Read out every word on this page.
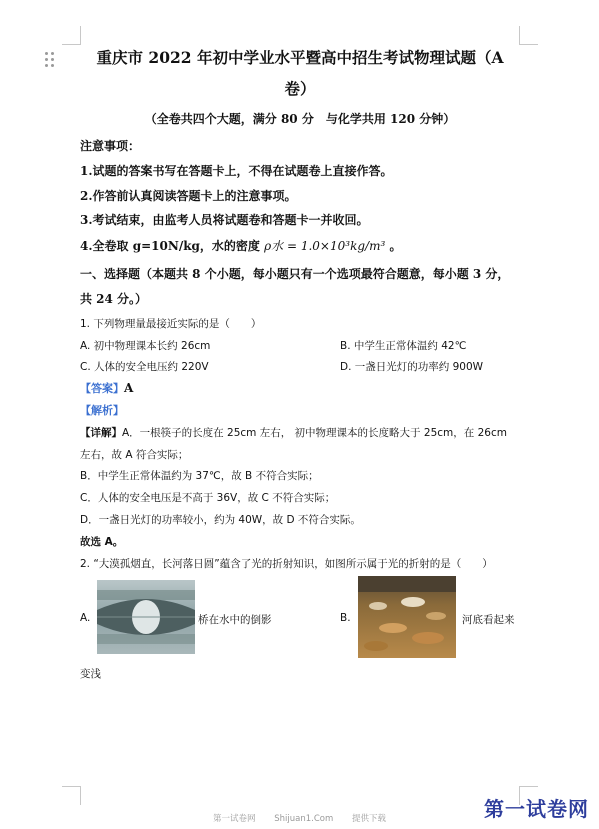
重庆市 2022 年初中学业水平暨高中招生考试物理试题（A
卷）
（全卷共四个大题，满分 80 分　与化学共用 120 分钟）
注意事项：
1.试题的答案书写在答题卡上，不得在试题卷上直接作答。
2.作答前认真阅读答题卡上的注意事项。
3.考试结束，由监考人员将试题卷和答题卡一并收回。
4.全卷取 g=10N/kg，水的密度 ρ水 = 1.0×10³kg/m³ 。
一、选择题（本题共 8 个小题，每小题只有一个选项最符合题意，每小题 3 分，
共 24 分。）
1. 下列物理量最接近实际的是（　　）
A. 初中物理课本长约 26cm	B. 中学生正常体温约 42℃
C. 人体的安全电压约 220V	D. 一盏日光灯的功率约 900W
【答案】A
【解析】
【详解】A．一根筷子的长度在 25cm 左右， 初中物理课本的长度略大于 25cm，在 26cm
左右，故 A 符合实际；
B．中学生正常体温约为 37℃，故 B 不符合实际；
C．人体的安全电压是不高于 36V，故 C 不符合实际；
D．一盏日光灯的功率较小，约为 40W，故 D 不符合实际。
故选 A。
2. “大漠孤烟直，长河落日圆”蕴含了光的折射知识，如图所示属于光的折射的是（　　）
A.	桥在水中的倒影	B.	河底看起来
变浅
第一试卷网 Shijuan1.Com 提供下载	第一试卷网
